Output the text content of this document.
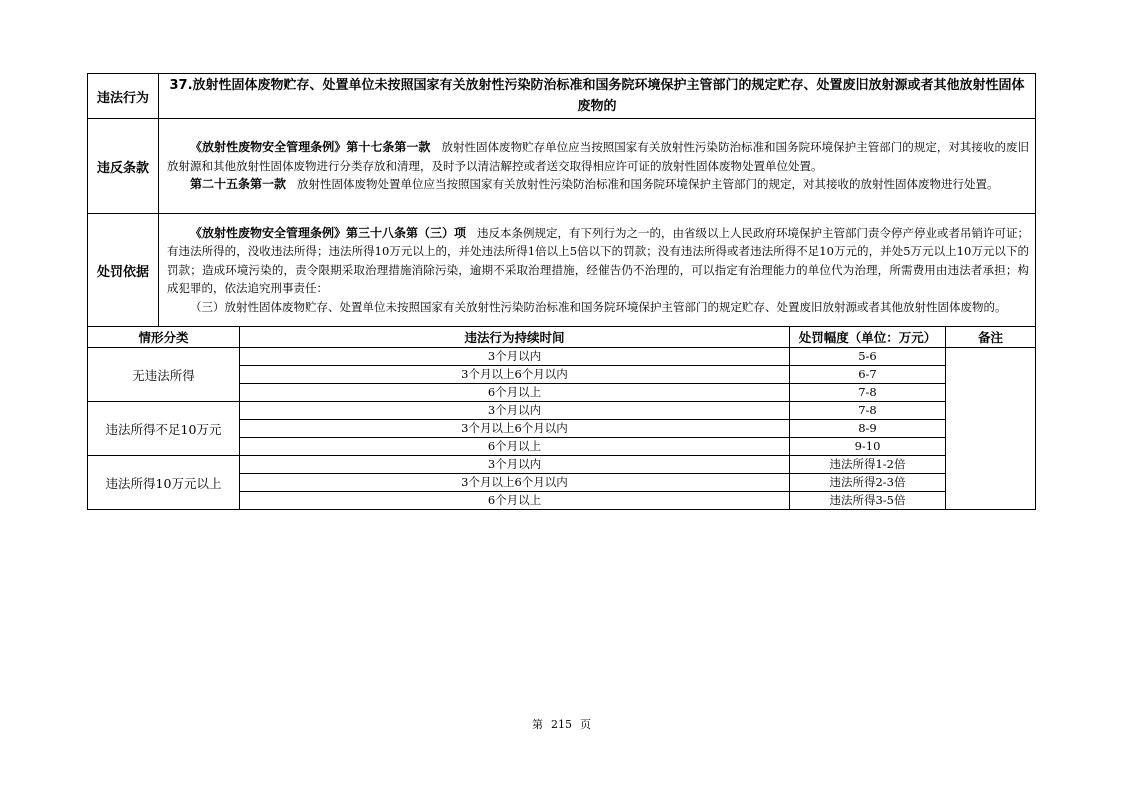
违法行为	37.放射性固体废物贮存、处置单位未按照国家有关放射性污染防治标准和国务院环境保护主管部门的规定贮存、处置废旧放射源或者其他放射性固体废物的
违反条款	《放射性废物安全管理条例》第十七条第一款 放射性固体废物贮存单位应当按照国家有关放射性污染防治标准和国务院环境保护主管部门的规定，对其接收的废旧放射源和其他放射性固体废物进行分类存放和清理，及时予以清洁解控或者送交取得相应许可证的放射性固体废物处置单位处置。

第二十五条第一款 放射性固体废物处置单位应当按照国家有关放射性污染防治标准和国务院环境保护主管部门的规定，对其接收的放射性固体废物进行处置。

处罚依据	《放射性废物安全管理条例》第三十八条第（三）项 违反本条例规定，有下列行为之一的，由省级以上人民政府环境保护主管部门责令停产停业或者吊销许可证；有违法所得的，没收违法所得；违法所得10万元以上的，并处违法所得1倍以上5倍以下的罚款；没有违法所得或者违法所得不足10万元的，并处5万元以上10万元以下的罚款；造成环境污染的，责令限期采取治理措施消除污染，逾期不采取治理措施，经催告仍不治理的，可以指定有治理能力的单位代为治理，所需费用由违法者承担；构成犯罪的，依法追究刑事责任：

（三）放射性固体废物贮存、处置单位未按照国家有关放射性污染防治标准和国务院环境保护主管部门的规定贮存、处置废旧放射源或者其他放射性固体废物的。

情形分类	违法行为持续时间	处罚幅度（单位：万元）	备注
无违法所得	3个月以内	5-6	
	3个月以上6个月以内	6-7	
	6个月以上	7-8	
违法所得不足10万元	3个月以内	7-8	
	3个月以上6个月以内	8-9	
	6个月以上	9-10	
违法所得10万元以上	3个月以内	违法所得1-2倍	
	3个月以上6个月以内	违法所得2-3倍	
	6个月以上	违法所得3-5倍	
第 215 页
